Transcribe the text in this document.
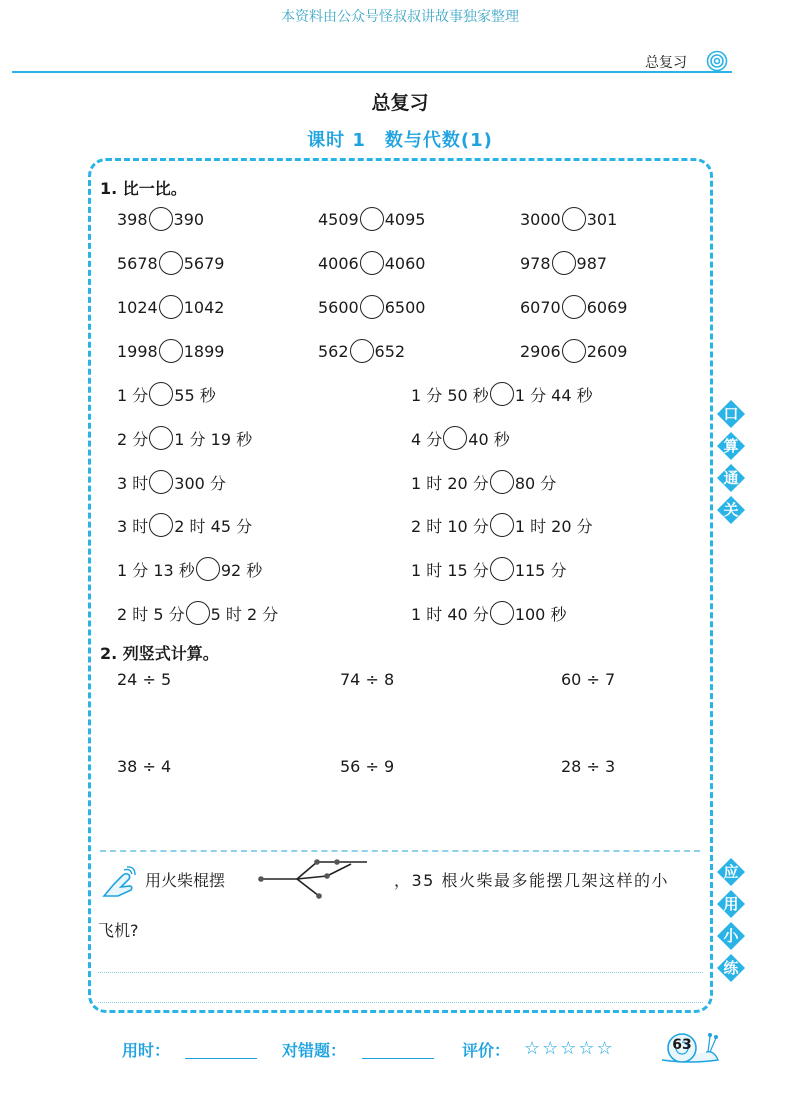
本资料由公众号怪叔叔讲故事独家整理
总复习
总复习
课时 1　数与代数(1)
1. 比一比。
398 390	4509 4095	3000 301
5678 5679	4006 4060	978 987
1024 1042	5600 6500	6070 6069
1998 1899	562 652	2906 2609
1 分 55 秒	1 分 50 秒 1 分 44 秒
2 分 1 分 19 秒	4 分 40 秒
3 时 300 分	1 时 20 分 80 分
3 时 2 时 45 分	2 时 10 分 1 时 20 分
1 分 13 秒 92 秒	1 时 15 分 115 分
2 时 5 分 5 时 2 分	1 时 40 分 100 秒
2. 列竖式计算。
24 ÷ 5	74 ÷ 8	60 ÷ 7
38 ÷ 4	56 ÷ 9	28 ÷ 3
用火柴棍摆	，35 根火柴最多能摆几架这样的小
飞机?
口
算
通
关
应
用
小
练
用时：	对错题：	评价： ☆☆☆☆☆	63
